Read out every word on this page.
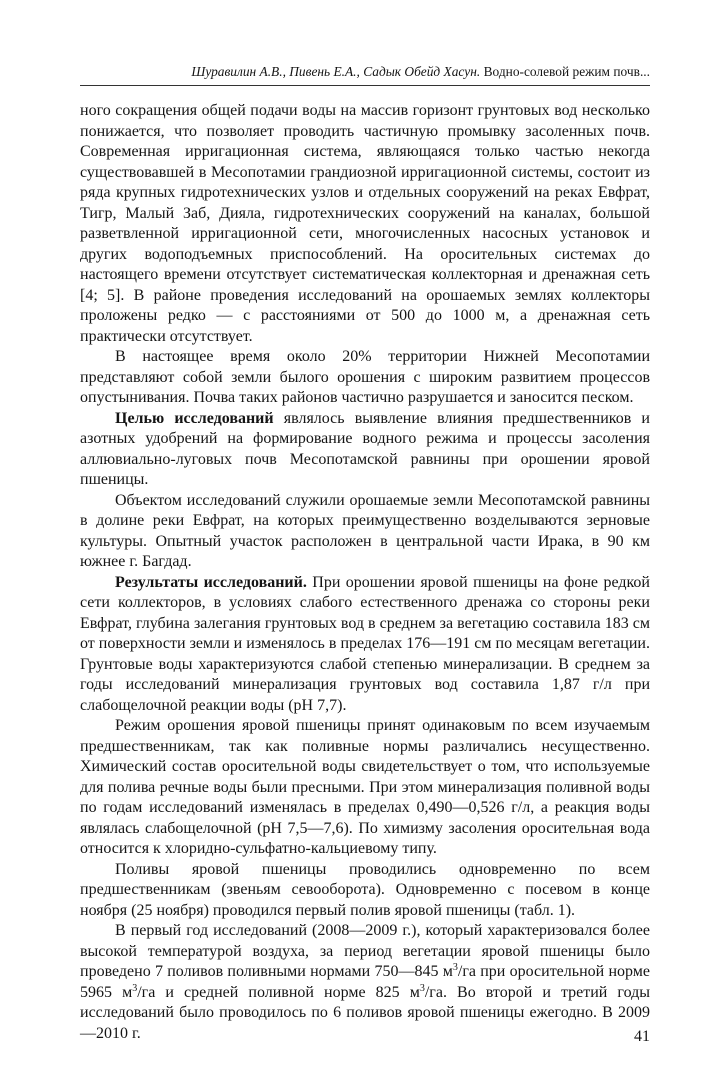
Шуравилин А.В., Пивень Е.А., Садык Обейд Хасун. Водно-солевой режим почв...

ного сокращения общей подачи воды на массив горизонт грунтовых вод несколько понижается, что позволяет проводить частичную промывку засоленных почв. Современная ирригационная система, являющаяся только частью некогда существовавшей в Месопотамии грандиозной ирригационной системы, состоит из ряда крупных гидротехнических узлов и отдельных сооружений на реках Евфрат, Тигр, Малый Заб, Дияла, гидротехнических сооружений на каналах, большой разветвленной ирригационной сети, многочисленных насосных установок и других водоподъемных приспособлений. На оросительных системах до настоящего времени отсутствует систематическая коллекторная и дренажная сеть [4; 5]. В районе проведения исследований на орошаемых землях коллекторы проложены редко — с расстояниями от 500 до 1000 м, а дренажная сеть практически отсутствует.

В настоящее время около 20% территории Нижней Месопотамии представляют собой земли былого орошения с широким развитием процессов опустынивания. Почва таких районов частично разрушается и заносится песком.

Целью исследований являлось выявление влияния предшественников и азотных удобрений на формирование водного режима и процессы засоления аллювиально-луговых почв Месопотамской равнины при орошении яровой пшеницы.

Объектом исследований служили орошаемые земли Месопотамской равнины в долине реки Евфрат, на которых преимущественно возделываются зерновые культуры. Опытный участок расположен в центральной части Ирака, в 90 км южнее г. Багдад.

Результаты исследований. При орошении яровой пшеницы на фоне редкой сети коллекторов, в условиях слабого естественного дренажа со стороны реки Евфрат, глубина залегания грунтовых вод в среднем за вегетацию составила 183 см от поверхности земли и изменялось в пределах 176—191 см по месяцам вегетации. Грунтовые воды характеризуются слабой степенью минерализации. В среднем за годы исследований минерализация грунтовых вод составила 1,87 г/л при слабощелочной реакции воды (pH 7,7).

Режим орошения яровой пшеницы принят одинаковым по всем изучаемым предшественникам, так как поливные нормы различались несущественно. Химический состав оросительной воды свидетельствует о том, что используемые для полива речные воды были пресными. При этом минерализация поливной воды по годам исследований изменялась в пределах 0,490—0,526 г/л, а реакция воды являлась слабощелочной (pH 7,5—7,6). По химизму засоления оросительная вода относится к хлоридно-сульфатно-кальциевому типу.

Поливы яровой пшеницы проводились одновременно по всем предшественникам (звеньям севооборота). Одновременно с посевом в конце ноября (25 ноября) проводился первый полив яровой пшеницы (табл. 1).

В первый год исследований (2008—2009 г.), который характеризовался более высокой температурой воздуха, за период вегетации яровой пшеницы было проведено 7 поливов поливными нормами 750—845 $м^3/га$ при оросительной норме 5965 $м^3/га$ и средней поливной норме 825 $м^3/га$. Во второй и третий годы исследований было проводилось по 6 поливов яровой пшеницы ежегодно. В 2009—2010 г.	41
